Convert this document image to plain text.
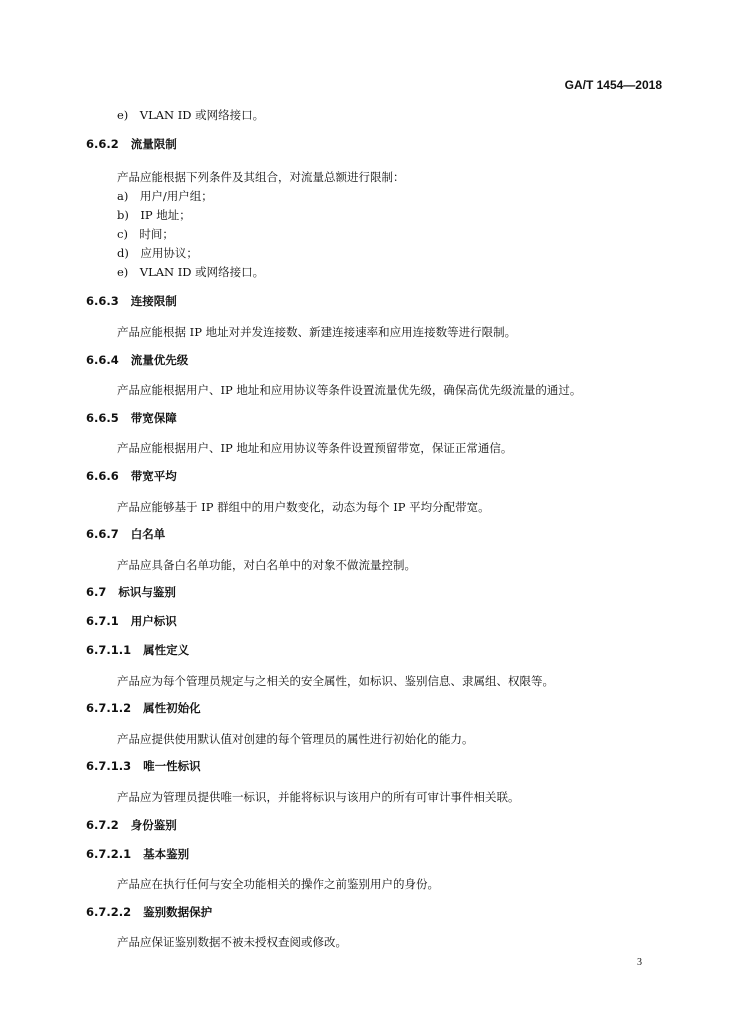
GA/T 1454—2018
e)　VLAN ID 或网络接口。
6.6.2 流量限制
产品应能根据下列条件及其组合，对流量总额进行限制：
a)　用户/用户组；
b)　IP 地址；
c)　时间；
d)　应用协议；
e)　VLAN ID 或网络接口。
6.6.3 连接限制
产品应能根据 IP 地址对并发连接数、新建连接速率和应用连接数等进行限制。
6.6.4 流量优先级
产品应能根据用户、IP 地址和应用协议等条件设置流量优先级，确保高优先级流量的通过。
6.6.5 带宽保障
产品应能根据用户、IP 地址和应用协议等条件设置预留带宽，保证正常通信。
6.6.6 带宽平均
产品应能够基于 IP 群组中的用户数变化，动态为每个 IP 平均分配带宽。
6.6.7 白名单
产品应具备白名单功能，对白名单中的对象不做流量控制。
6.7 标识与鉴别
6.7.1 用户标识
6.7.1.1 属性定义
产品应为每个管理员规定与之相关的安全属性，如标识、鉴别信息、隶属组、权限等。
6.7.1.2 属性初始化
产品应提供使用默认值对创建的每个管理员的属性进行初始化的能力。
6.7.1.3 唯一性标识
产品应为管理员提供唯一标识，并能将标识与该用户的所有可审计事件相关联。
6.7.2 身份鉴别
6.7.2.1 基本鉴别
产品应在执行任何与安全功能相关的操作之前鉴别用户的身份。
6.7.2.2 鉴别数据保护
产品应保证鉴别数据不被未授权查阅或修改。
3
